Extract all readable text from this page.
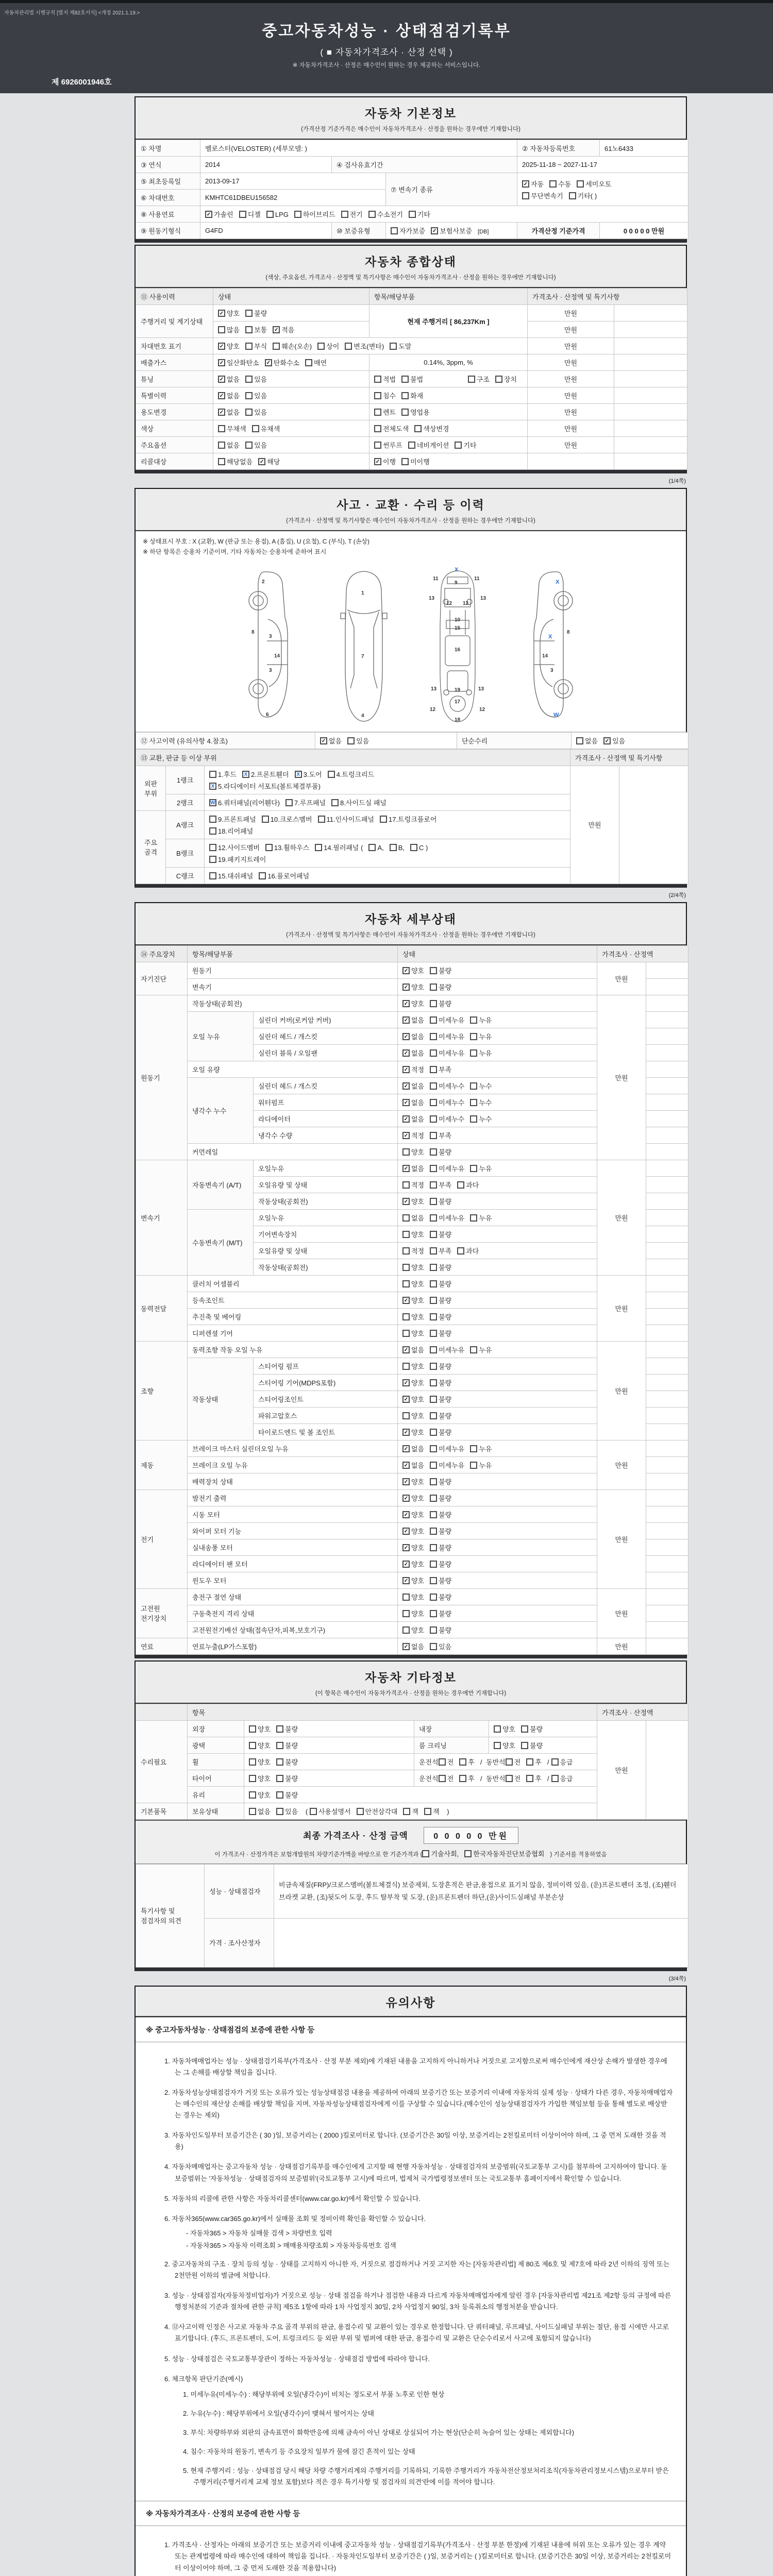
자동차관리법 시행규칙 [별지 제82호서식] <개정 2021.1.19.>
중고자동차성능 · 상태점검기록부
( ■ 자동차가격조사 · 산정 선택 )
※ 자동차가격조사 · 산정은 매수인이 원하는 경우 제공하는 서비스입니다.
제 6926001946호
자동차 기본정보
(가격산정 기준가격은 매수인이 자동차가격조사 · 산정을 원하는 경우에만 기재합니다)
① 차명	벨로스터(VELOSTER) (세부모델: )			② 자동차등록번호	61노6433
③ 연식	2014	④ 검사유효기간		2025-11-18 ~ 2027-11-17	
⑤ 최초등록일	2013-09-17		⑦ 변속기 종류	✓ 자동 수동 세미오토
무단변속기 기타( )	

⑥ 차대번호	KMHTC61DBEU156582				
⑧ 사용연료	✓ 가솔린 디젤 LPG 하이브리드 전기 수소전기 기타				
⑨ 원동기형식	G4FD	⑩ 보증유형	자가보증 ✓ 보험사보증 [DB]	가격산정 기준가격	0 0 0 0 0 만원
자동차 종합상태
(색상, 주요옵션, 가격조사 · 산정액 및 특기사항은 매수인이 자동차가격조사 · 산정을 원하는 경우에만 기재합니다)
⑪ 사용이력	상태	항목/해당부품	가격조사 · 산정액 및 특기사항	
주행거리 및 계기상태	✓ 양호 불량	현재 주행거리 [ 86,237Km ]	만원	
	많음 보통 ✓ 적음		만원	
차대번호 표기	✓ 양호 부식 훼손(오손) 상이 변조(변타) 도말		만원	
배출가스	✓ 일산화탄소 ✓ 탄화수소 매연	0.14%, 3ppm, %	만원	
튜닝	✓ 없음 있음	적법 불법 구조 장치	만원	
특별이력	✓ 없음 있음	침수 화재	만원	
용도변경	✓ 없음 있음	렌트 영업용	만원	
색상	무채색 유채색	전체도색 색상변경	만원	
주요옵션	없음 있음	썬루프 네비게이션 기타	만원	
리콜대상	해당없음 ✓ 해당	✓ 이행 미이행		
(1/4쪽)
사고 · 교환 · 수리 등 이력
(가격조사 · 산정액 및 특기사항은 매수인이 자동차가격조사 · 산정을 원하는 경우에만 기재합니다)
※ 상태표시 부호 : X (교환), W (판금 또는 용접), A (흠집), U (요철), C (부식), T (손상)
※ 하단 항목은 승용차 기준이며, 기타 자동차는 승용차에 준하여 표시
2
8
3
14
3
6
1
7
4
X
11	11
9
13	13
12 12
10
15
16
19
13	13
12	12
17
18
X
8
X
14
3
W
⑫ 사고이력 (유의사항 4.참조)	✓ 없음 있음	단순수리	없음 ✓ 있음
⑬ 교환, 판금 등 이상 부위			가격조사 · 산정액 및 특기사항	
외판 부위	1랭크	1.후드 X 2.프론트휀더 X 3.도어 4.트렁크리드
X 5.라디에이터 서포트(볼트체결부품)	만원	
	2랭크	W 6.쿼터패널(리어휀다) 7.루프패널 8.사이드실 패널		
주요 골격	A랭크	9.프론트패널 10.크로스멤버 11.인사이드패널 17.트렁크플로어
18.리어패널		

	B랭크	12.사이드멤버 13.휠하우스 14.필러패널 ( A, B, C )
19.패키지트레이		

	C랭크	15.대쉬패널 16.플로어패널		
(2/4쪽)
자동차 세부상태
(가격조사 · 산정액 및 특기사항은 매수인이 자동차가격조사 · 산정을 원하는 경우에만 기재합니다)
⑭ 주요장치	항목/해당부품		상태	가격조사 · 산정액	
자기진단	원동기		✓ 양호 불량	만원	
	변속기		✓ 양호 불량		
원동기	작동상태(공회전)		✓ 양호 불량	만원	
	오일 누유	실린더 커버(로커암 커버)	✓ 없음 미세누유 누유		
		실린더 헤드 / 개스킷	✓ 없음 미세누유 누유		
		실린더 블록 / 오일팬	✓ 없음 미세누유 누유		
	오일 유량		✓ 적정 부족		
	냉각수 누수	실린더 헤드 / 개스킷	✓ 없음 미세누수 누수		
		워터펌프	✓ 없음 미세누수 누수		
		라디에이터	✓ 없음 미세누수 누수		
		냉각수 수량	✓ 적정 부족		
	커먼레일		양호 불량		
변속기	자동변속기 (A/T)	오일누유	✓ 없음 미세누유 누유	만원	
		오일유량 및 상태	적정 부족 과다		
		작동상태(공회전)	✓ 양호 불량		
	수동변속기 (M/T)	오일누유	없음 미세누유 누유		
		기어변속장치	양호 불량		
		오일유량 및 상태	적정 부족 과다		
		작동상태(공회전)	양호 불량		
동력전달	클러치 어셈블리		양호 불량	만원	
	등속조인트		✓ 양호 불량		
	추진축 및 베어링		양호 불량		
	디퍼렌셜 기어		양호 불량		
조향	동력조향 작동 오일 누유		✓ 없음 미세누유 누유	만원	
	작동상태	스티어링 펌프	양호 불량		
		스티어링 기어(MDPS포함)	✓ 양호 불량		
		스티어링조인트	✓ 양호 불량		
		파워고압호스	양호 불량		
		타이로드엔드 및 볼 조인트	✓ 양호 불량		
제동	브레이크 마스터 실린더오일 누유		✓ 없음 미세누유 누유	만원	
	브레이크 오일 누유		✓ 없음 미세누유 누유		
	배력장치 상태		✓ 양호 불량		
전기	발전기 출력		✓ 양호 불량	만원	
	시동 모터		✓ 양호 불량		
	와이퍼 모터 기능		✓ 양호 불량		
	실내송풍 모터		✓ 양호 불량		
	라디에이터 팬 모터		✓ 양호 불량		
	윈도우 모터		✓ 양호 불량		
고전원 전기장치	충전구 절연 상태		양호 불량	만원	
	구동축전지 격리 상태		양호 불량		
	고전원전기배선 상태(접속단자,피복,보호기구)		양호 불량		
연료	연료누출(LP가스포함)		✓ 없음 있음	만원	
자동차 기타정보
(이 항목은 매수인이 자동차가격조사 · 산정을 원하는 경우에만 기재합니다)
	항목				가격조사 · 산정액	
수리필요	외장	양호 불량	내장	양호 불량	만원	
	광택	양호 불량	룸 크리닝	양호 불량		
	휠	양호 불량	운전석 전 후 / 동반석 전 후 / 응급			
	타이어	양호 불량	운전석 전 후 / 동반석 전 후 / 응급			
	유리	양호 불량				
기본품목	보유상태	없음 있음 ( 사용설명서 안전삼각대 잭 잭 )				
최종 가격조사 · 산정 금액	0 0 0 0 0 만원
이 가격조사 · 산정가격은 보험개발원의 차량기준가액을 바탕으로 한 기준가격과 ( 기술사회, 한국자동차진단보증협회 ) 기준서를 적용하였음
특기사항 및 점검자의 의견	성능 · 상태점검자	비금속재질(FRP)/크로스멤버(볼트체결식) 보증제외, 도장흔적은 판금,용접으로 표기치 않음, 정비이력 있음, (운)프론트펜더 조정, (조)휀더 브라켓 교환, (조)뒷도어 도장, 후드 탈부착 및 도장, (운)프론트펜더 하단,(운)사이드실패널 부분손상
	가격 · 조사산정자	
(3/4쪽)
유의사항
※ 중고자동차성능 · 상태점검의 보증에 관한 사항 등

1. 자동차매매업자는 성능 · 상태점검기록부(가격조사 · 산정 부분 제외)에 기재된 내용을 고지하지 아니하거나 거짓으로 고지함으로써 매수인에게 재산상 손해가 발생한 경우에는 그 손해를 배상할 책임을 집니다.

2. 자동차성능상태점검자가 거짓 또는 오류가 있는 성능상태점검 내용을 제공하여 아래의 보증기간 또는 보증거리 이내에 자동차의 실제 성능 · 상태가 다른 경우, 자동차매매업자는 매수인의 재산상 손해를 배상할 책임을 지며, 자동차성능상태점검자에게 이를 구상할 수 있습니다.(매수인이 성능상태점검자가 가입한 책임보험 등을 통해 별도로 배상받는 경우는 제외)

3. 자동차인도일부터 보증기간은 ( 30 )일, 보증거리는 ( 2000 )킬로미터로 합니다. (보증기간은 30일 이상, 보증거리는 2천킬로미터 이상이어야 하며, 그 중 먼저 도래한 것을 적용)

4. 자동차매매업자는 중고자동차 성능 · 상태점검기록부를 매수인에게 고지할 때 현행 자동차성능 · 상태점검자의 보증범위(국토교통부 고시)를 첨부하여 고지하여야 합니다. 동 보증범위는 '자동차성능 · 상태점검자의 보증범위'(국토교통부 고시)에 따르며, 법제처 국가법령정보센터 또는 국토교통부 홈페이지에서 확인할 수 있습니다.

5. 자동차의 리콜에 관한 사항은 자동차리콜센터(www.car.go.kr)에서 확인할 수 있습니다.

6. 자동차365(www.car365.go.kr)에서 실매물 조회 및 정비이력 확인을 확인할 수 있습니다.

- 자동차365 > 자동차 실매물 검색 > 차량번호 입력

- 자동차365 > 자동차 이력조회 > 매매용차량조회 > 자동차등록번호 검색

2. 중고자동차의 구조 · 장치 등의 성능 · 상태를 고지하지 아니한 자, 거짓으로 점검하거나 거짓 고지한 자는 [자동차관리법] 제 80조 제6호 및 제7호에 따라 2년 이하의 징역 또는 2천만원 이하의 벌금에 처합니다.

3. 성능 · 상태점검자(자동차정비업자)가 거짓으로 성능 · 상태 점검을 하거나 점검한 내용과 다르게 자동차매매업자에게 알린 경우 [자동차관리법 제21조 제2항 등의 규정에 따른 행정처분의 기준과 절차에 관한 규칙] 제5조 1항에 따라 1차 사업정지 30일, 2차 사업정지 90일, 3차 등록취소의 행정처분을 받습니다.

4. ⑫사고이력 인정은 사고로 자동차 주요 골격 부위의 판금, 용접수리 및 교환이 있는 경우로 한정합니다. 단 쿼터패널, 루프패널, 사이드실패널 부위는 절단, 용접 시에만 사고로 표기합니다. (후드, 프론트펜더, 도어, 트렁크리드 등 외판 부위 및 범퍼에 대한 판금, 용접수리 및 교환은 단순수리로서 사고에 포함되지 않습니다)

5. 성능 · 상태점검은 국토교통부장관이 정하는 자동차성능 · 상태점검 방법에 따라야 합니다.

6. 체크항목 판단기준(예시)

1. 미세누유(미세누수) : 해당부위에 오일(냉각수)이 비치는 정도로서 부품 노후로 인한 현상

2. 누유(누수) : 해당부위에서 오일(냉각수)이 맺혀서 떨어지는 상태

3. 부식: 차량하부와 외판의 금속표면이 화학반응에 의해 금속이 아닌 상태로 상실되어 가는 현상(단순히 녹슬어 있는 상태는 제외합니다)

4. 침수: 자동차의 원동기, 변속기 등 주요장치 일부가 물에 잠긴 흔적이 있는 상태

5. 현재 주행거리 : 성능 · 상태점검 당시 해당 차량 주행거리계의 주행거리를 기록하되, 기록한 주행거리가 자동차전산정보처리조직(자동차관리정보시스템)으로부터 받은 주행거리(주행거리계 교체 정보 포함)보다 적은 경우 특기사항 및 점검자의 의견'란에 이를 적어야 합니다.

※ 자동차가격조사 · 산정의 보증에 관한 사항 등

1. 가격조사 · 산정자는 아래의 보증기간 또는 보증거리 이내에 중고자동차 성능 · 상태점검기록부(가격조사 · 산정 부분 한정)에 기재된 내용에 허위 또는 오류가 있는 경우 계약 또는 관계법령에 따라 매수인에 대하여 책임을 집니다. · 자동차인도일부터 보증기간은 ( )일, 보증거리는 ( )킬로미터로 합니다. (보증기간은 30일 이상, 보증거리는 2천킬로미터 이상이어야 하며, 그 중 먼저 도래한 것을 적용합니다)
